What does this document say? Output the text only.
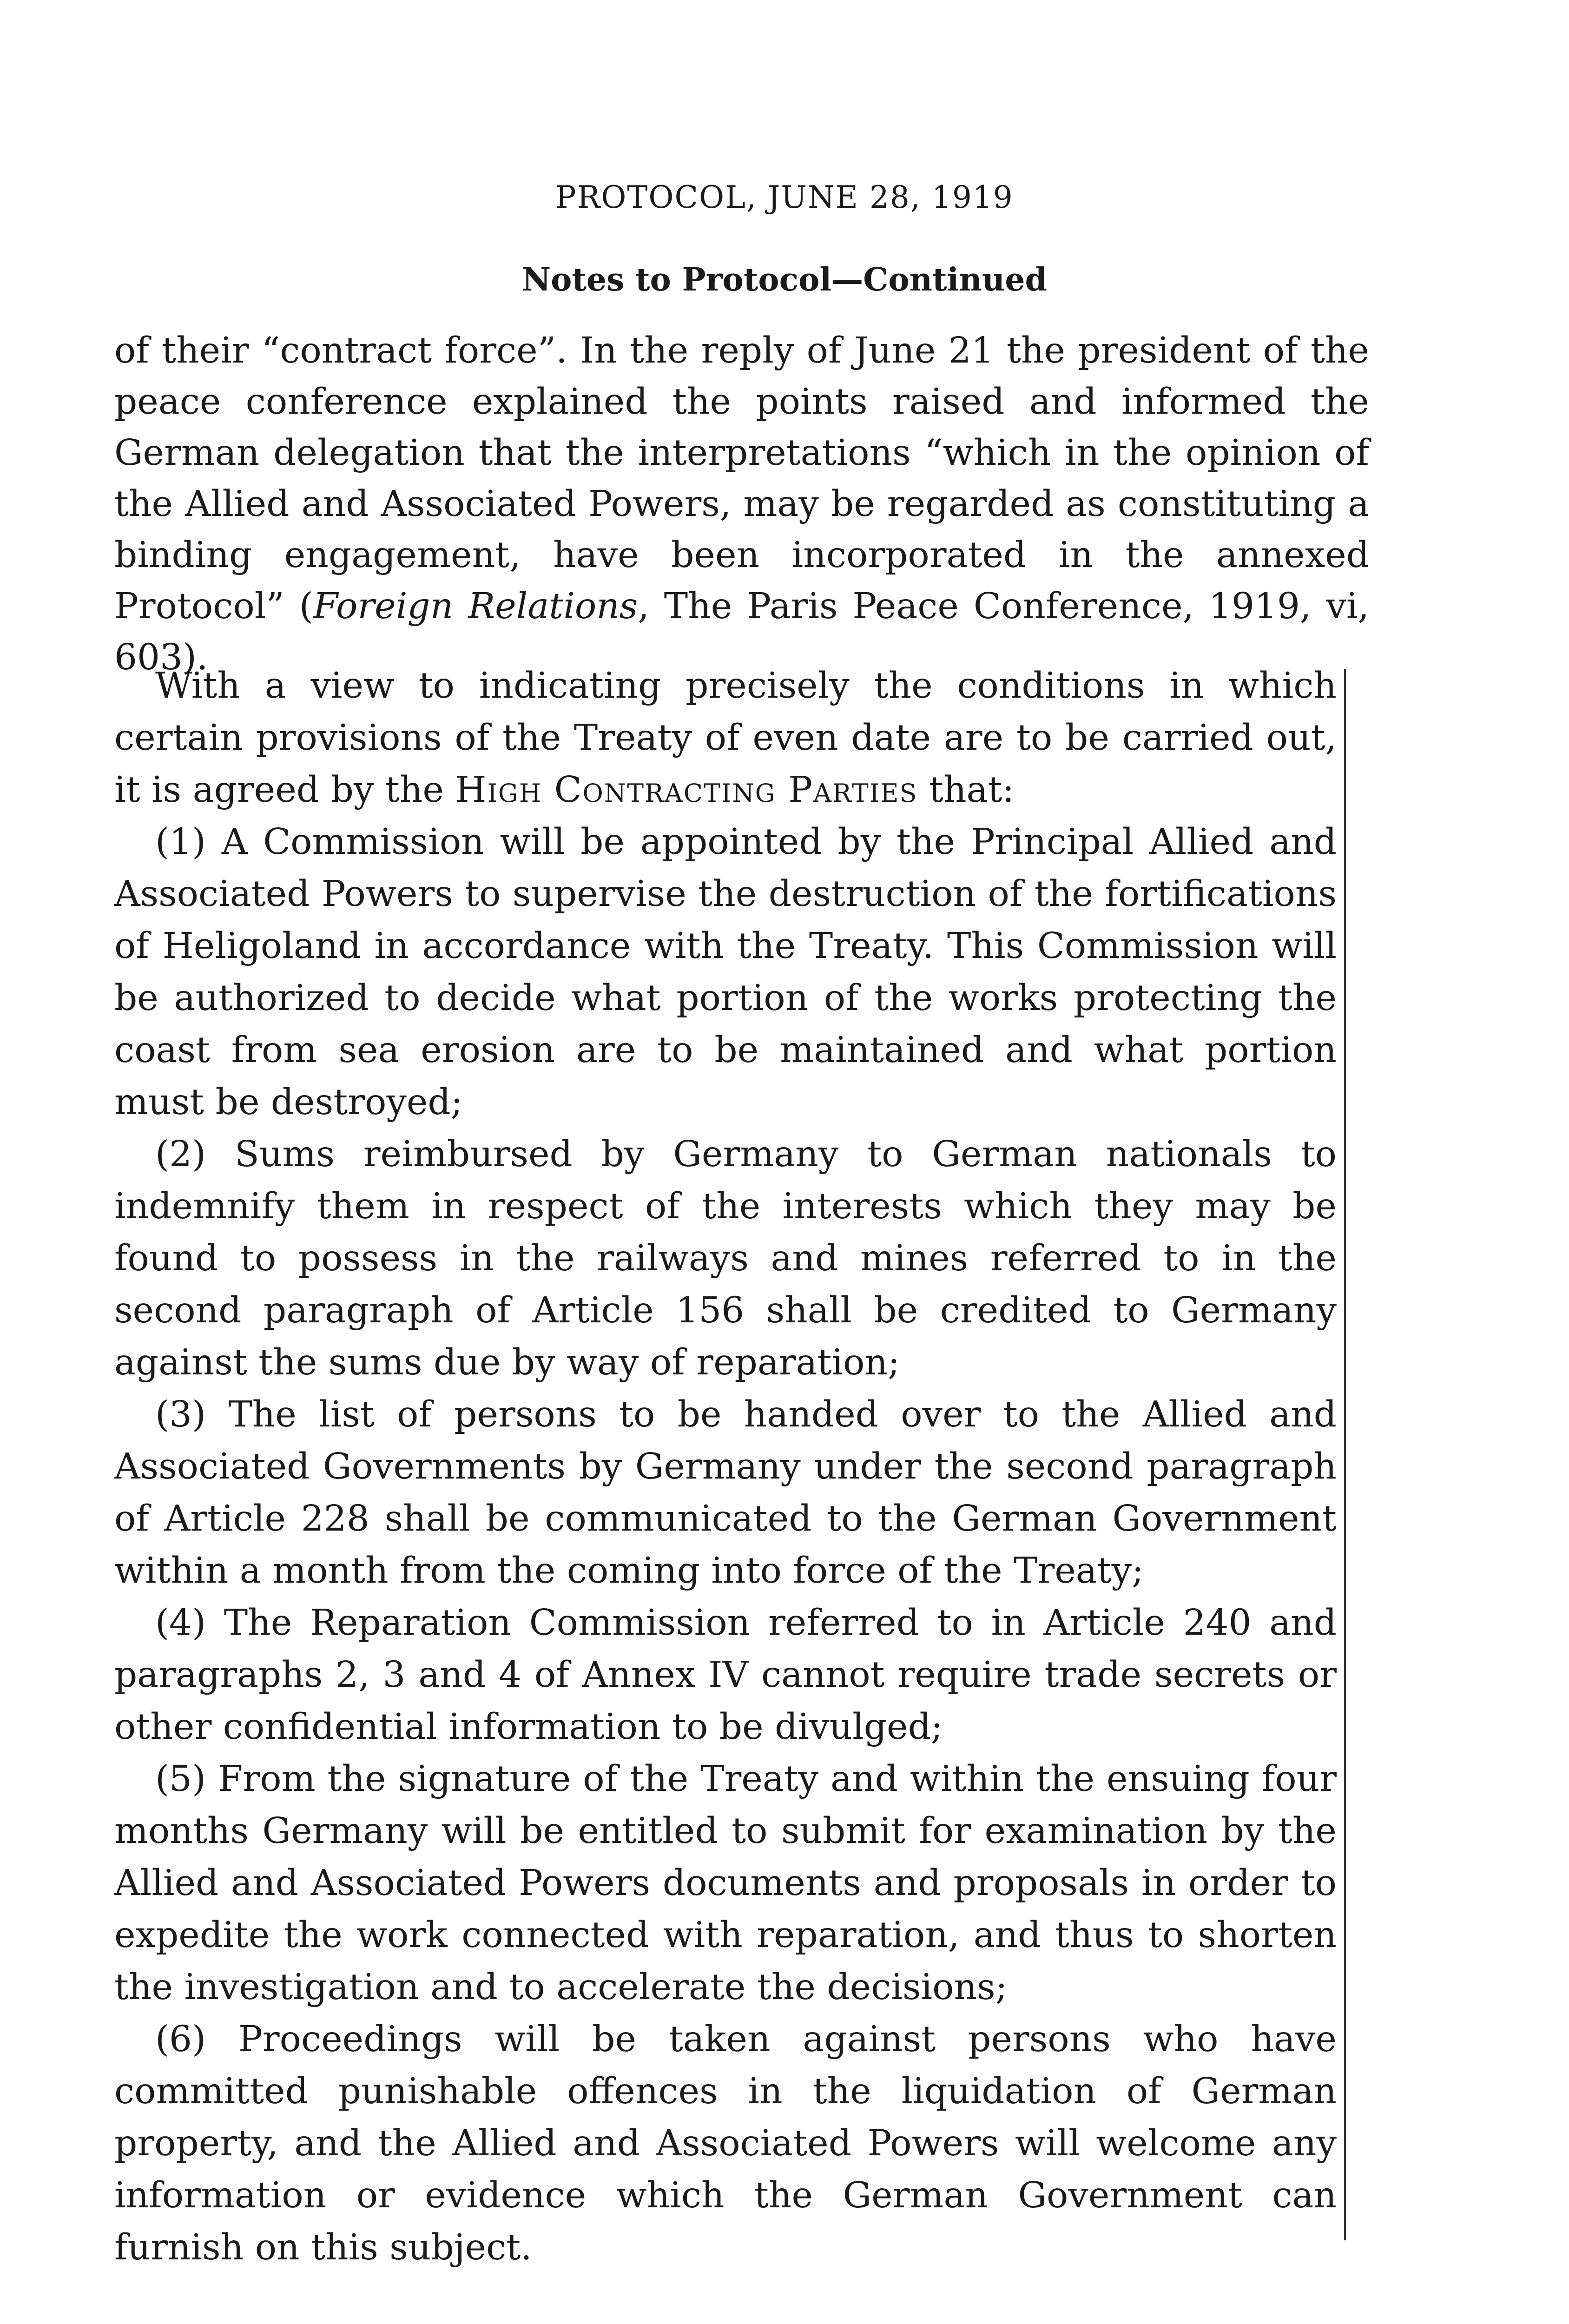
PROTOCOL, JUNE 28, 1919
Notes to Protocol—Continued

of their “contract force”. In the reply of June 21 the president of the peace conference explained the points raised and informed the German delegation that the interpretations “which in the opinion of the Allied and Associated Powers, may be regarded as constituting a binding engagement, have been incorporated in the annexed Protocol” (Foreign Relations, The Paris Peace Conference, 1919, vi, 603).

With a view to indicating precisely the conditions in which certain provisions of the Treaty of even date are to be carried out, it is agreed by the High Contracting Parties that:

(1) A Commission will be appointed by the Principal Allied and Associated Powers to supervise the destruction of the fortifications of Heligoland in accordance with the Treaty. This Commission will be authorized to decide what portion of the works protecting the coast from sea erosion are to be maintained and what portion must be destroyed;

(2) Sums reimbursed by Germany to German nationals to indemnify them in respect of the interests which they may be found to possess in the railways and mines referred to in the second paragraph of Article 156 shall be credited to Germany against the sums due by way of reparation;

(3) The list of persons to be handed over to the Allied and Associated Governments by Germany under the second paragraph of Article 228 shall be communicated to the German Government within a month from the coming into force of the Treaty;

(4) The Reparation Commission referred to in Article 240 and paragraphs 2, 3 and 4 of Annex IV cannot require trade secrets or other confidential information to be divulged;

(5) From the signature of the Treaty and within the ensuing four months Germany will be entitled to submit for examination by the Allied and Associated Powers documents and proposals in order to expedite the work connected with reparation, and thus to shorten the investigation and to accelerate the decisions;

(6) Proceedings will be taken against persons who have committed punishable offences in the liquidation of German property, and the Allied and Associated Powers will welcome any information or evidence which the German Government can furnish on this subject.
